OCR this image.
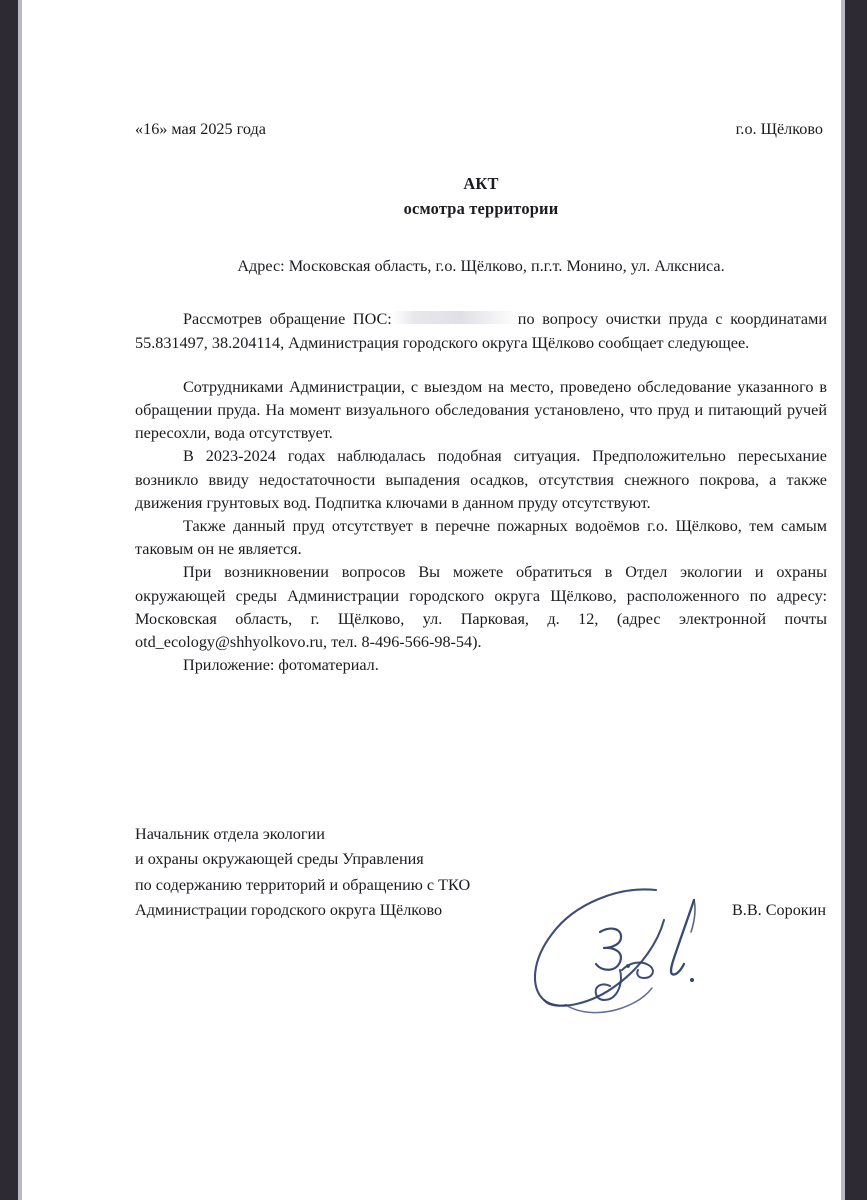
«16» мая 2025 года	г.о. Щёлково
АКТ
осмотра территории
Адрес: Московская область, г.о. Щёлково, п.г.т. Монино, ул. Алксниса.

Рассмотрев обращение ПОС:	по вопросу очистки пруда с координатами 55.831497, 38.204114, Администрация городского округа Щёлково сообщает следующее.

Сотрудниками Администрации, с выездом на место, проведено обследование указанного в обращении пруда. На момент визуального обследования установлено, что пруд и питающий ручей пересохли, вода отсутствует.

В 2023-2024 годах наблюдалась подобная ситуация. Предположительно пересыхание возникло ввиду недостаточности выпадения осадков, отсутствия снежного покрова, а также движения грунтовых вод. Подпитка ключами в данном пруду отсутствуют.

Также данный пруд отсутствует в перечне пожарных водоёмов г.о. Щёлково, тем самым таковым он не является.

При возникновении вопросов Вы можете обратиться в Отдел экологии и охраны окружающей среды Администрации городского округа Щёлково, расположенного по адресу: Московская область, г. Щёлково, ул. Парковая, д. 12, (адрес электронной почты otd_ecology@shhyolkovo.ru, тел. 8-496-566-98-54).

Приложение: фотоматериал.

Начальник отдела экологии
и охраны окружающей среды Управления
по содержанию территорий и обращению с ТКО
Администрации городского округа Щёлково	В.В. Сорокин
